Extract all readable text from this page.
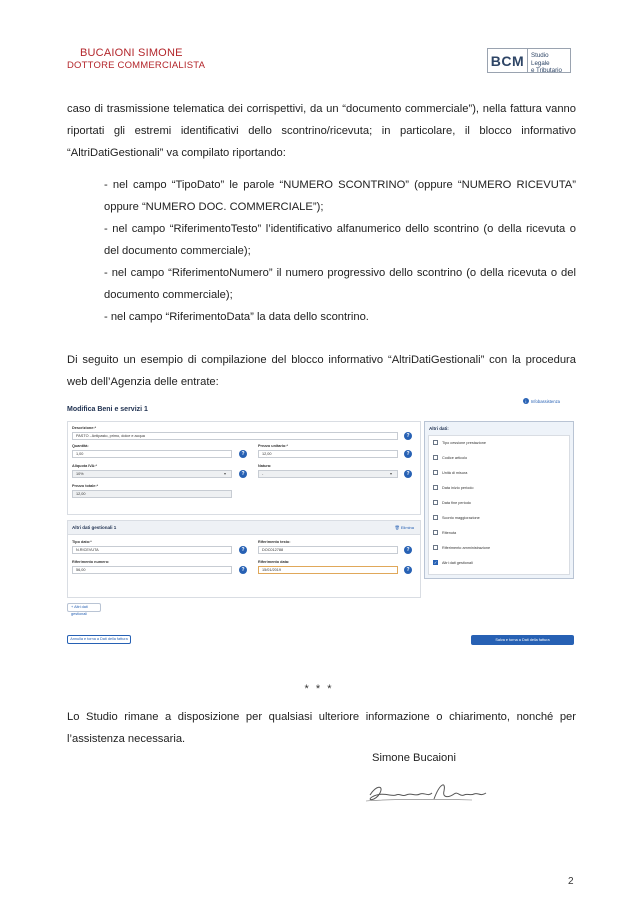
BUCAIONI SIMONE
DOTTORE COMMERCIALISTA	BCM	Studio Legale
e Tributario
caso di trasmissione telematica dei corrispettivi, da un “documento commerciale”), nella fattura vanno riportati gli estremi identificativi dello scontrino/ricevuta; in particolare, il blocco informativo “AltriDatiGestionali” va compilato riportando:
- nel campo “TipoDato” le parole “NUMERO SCONTRINO” (oppure “NUMERO RICEVUTA” oppure “NUMERO DOC. COMMERCIALE”);
- nel campo “RiferimentoTesto” l’identificativo alfanumerico dello scontrino (o della ricevuta o del documento commerciale);
- nel campo “RiferimentoNumero” il numero progressivo dello scontrino (o della ricevuta o del documento commerciale);
- nel campo “RiferimentoData” la data dello scontrino.
Di seguito un esempio di compilazione del blocco informativo “AltriDatiGestionali” con la procedura web dell’Agenzia delle entrate:
Modifica Beni e servizi 1
i	Infobassistenza
Descrizione:*
PASTO - Antipasto, primo, dolce e acqua	?
Quantità:
1,00	?
Prezzo unitario:*
12,00	?
Aliquota IVA:*
10%	▾	?
Natura:
-	▾	?
Prezzo totale:*
12,00
Altri dati:
Tipo cessione prestazione
Codice articolo
Unità di misura
Data inizio periodo
Data fine periodo
Sconto maggiorazione
Ritenuta
Riferimento amministrazione
✓ Altri dati gestionali
Altri dati gestionali 1	🗑 Elimina
Tipo dato:*
N.RICEVUTA	?
Riferimento testo:
DOC012788	?
Riferimento numero:
56,00	?
Riferimento data:
15/01/2019	?
+ Altri dati gestionali
Annulla e torna a Dati della fattura	Salva e torna a Dati della fattura
* * *
Lo Studio rimane a disposizione per qualsiasi ulteriore informazione o chiarimento, nonché per l’assistenza necessaria.
Simone Bucaioni
2
